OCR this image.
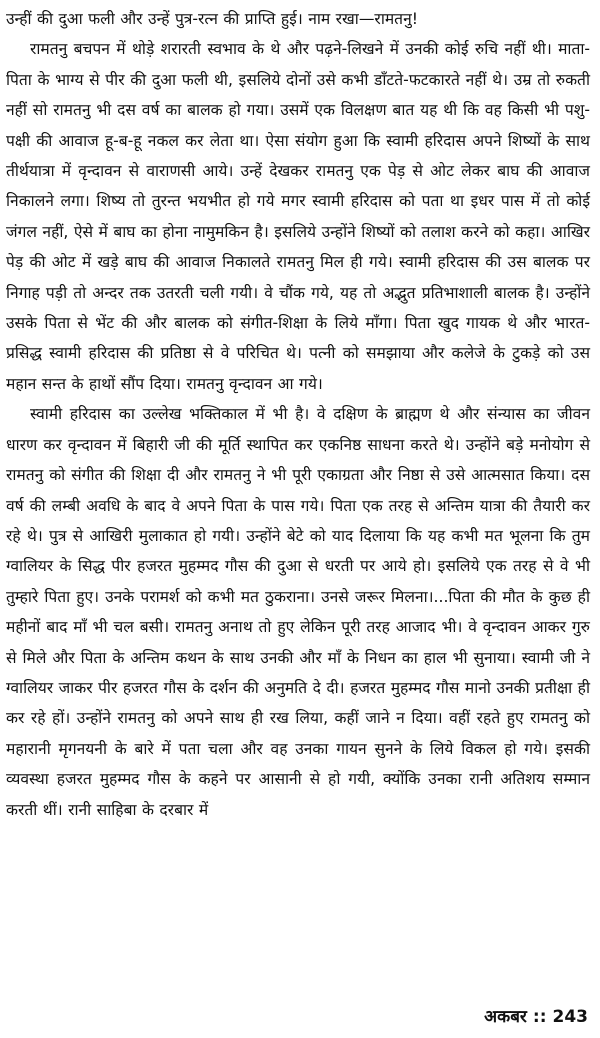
उन्हीं की दुआ फली और उन्हें पुत्र-रत्न की प्राप्ति हुई। नाम रखा—रामतनु!

रामतनु बचपन में थोड़े शरारती स्वभाव के थे और पढ़ने-लिखने में उनकी कोई रुचि नहीं थी। माता-पिता के भाग्य से पीर की दुआ फली थी, इसलिये दोनों उसे कभी डाँटते-फटकारते नहीं थे। उम्र तो रुकती नहीं सो रामतनु भी दस वर्ष का बालक हो गया। उसमें एक विलक्षण बात यह थी कि वह किसी भी पशु-पक्षी की आवाज हू-ब-हू नकल कर लेता था। ऐसा संयोग हुआ कि स्वामी हरिदास अपने शिष्यों के साथ तीर्थयात्रा में वृन्दावन से वाराणसी आये। उन्हें देखकर रामतनु एक पेड़ से ओट लेकर बाघ की आवाज निकालने लगा। शिष्य तो तुरन्त भयभीत हो गये मगर स्वामी हरिदास को पता था इधर पास में तो कोई जंगल नहीं, ऐसे में बाघ का होना नामुमकिन है। इसलिये उन्होंने शिष्यों को तलाश करने को कहा। आखिर पेड़ की ओट में खड़े बाघ की आवाज निकालते रामतनु मिल ही गये। स्वामी हरिदास की उस बालक पर निगाह पड़ी तो अन्दर तक उतरती चली गयी। वे चौंक गये, यह तो अद्भुत प्रतिभाशाली बालक है। उन्होंने उसके पिता से भेंट की और बालक को संगीत-शिक्षा के लिये माँगा। पिता खुद गायक थे और भारत-प्रसिद्ध स्वामी हरिदास की प्रतिष्ठा से वे परिचित थे। पत्नी को समझाया और कलेजे के टुकड़े को उस महान सन्त के हाथों सौंप दिया। रामतनु वृन्दावन आ गये।

स्वामी हरिदास का उल्लेख भक्तिकाल में भी है। वे दक्षिण के ब्राह्मण थे और संन्यास का जीवन धारण कर वृन्दावन में बिहारी जी की मूर्ति स्थापित कर एकनिष्ठ साधना करते थे। उन्होंने बड़े मनोयोग से रामतनु को संगीत की शिक्षा दी और रामतनु ने भी पूरी एकाग्रता और निष्ठा से उसे आत्मसात किया। दस वर्ष की लम्बी अवधि के बाद वे अपने पिता के पास गये। पिता एक तरह से अन्तिम यात्रा की तैयारी कर रहे थे। पुत्र से आखिरी मुलाकात हो गयी। उन्होंने बेटे को याद दिलाया कि यह कभी मत भूलना कि तुम ग्वालियर के सिद्ध पीर हजरत मुहम्मद गौस की दुआ से धरती पर आये हो। इसलिये एक तरह से वे भी तुम्हारे पिता हुए। उनके परामर्श को कभी मत ठुकराना। उनसे जरूर मिलना।...पिता की मौत के कुछ ही महीनों बाद माँ भी चल बसी। रामतनु अनाथ तो हुए लेकिन पूरी तरह आजाद भी। वे वृन्दावन आकर गुरु से मिले और पिता के अन्तिम कथन के साथ उनकी और माँ के निधन का हाल भी सुनाया। स्वामी जी ने ग्वालियर जाकर पीर हजरत गौस के दर्शन की अनुमति दे दी। हजरत मुहम्मद गौस मानो उनकी प्रतीक्षा ही कर रहे हों। उन्होंने रामतनु को अपने साथ ही रख लिया, कहीं जाने न दिया। वहीं रहते हुए रामतनु को महारानी मृगनयनी के बारे में पता चला और वह उनका गायन सुनने के लिये विकल हो गये। इसकी व्यवस्था हजरत मुहम्मद गौस के कहने पर आसानी से हो गयी, क्योंकि उनका रानी अतिशय सम्मान करती थीं। रानी साहिबा के दरबार में

अकबर :: 243
